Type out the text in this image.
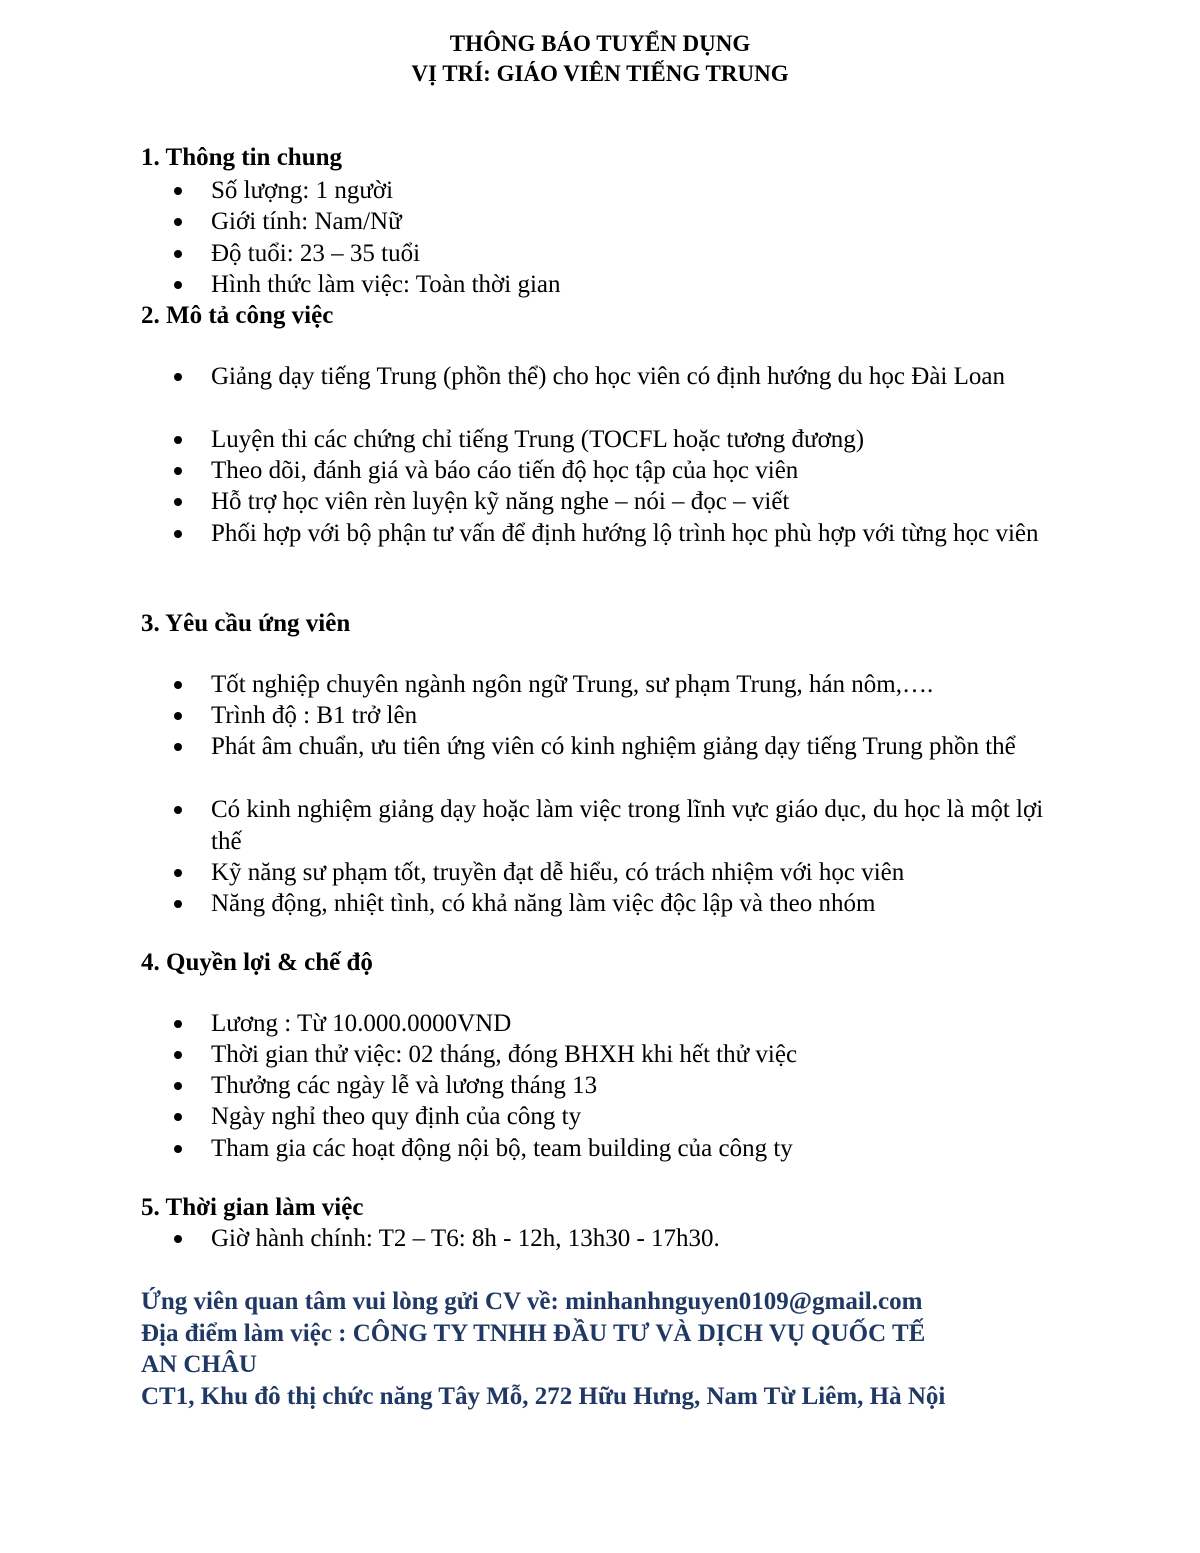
THÔNG BÁO TUYỂN DỤNG
VỊ TRÍ: GIÁO VIÊN TIẾNG TRUNG
1. Thông tin chung
Số lượng: 1 người
Giới tính: Nam/Nữ
Độ tuổi: 23 – 35 tuổi
Hình thức làm việc: Toàn thời gian
2. Mô tả công việc
Giảng dạy tiếng Trung (phồn thể) cho học viên có định hướng du học Đài Loan
Luyện thi các chứng chỉ tiếng Trung (TOCFL hoặc tương đương)
Theo dõi, đánh giá và báo cáo tiến độ học tập của học viên
Hỗ trợ học viên rèn luyện kỹ năng nghe – nói – đọc – viết
Phối hợp với bộ phận tư vấn để định hướng lộ trình học phù hợp với từng học viên
3. Yêu cầu ứng viên
Tốt nghiệp chuyên ngành ngôn ngữ Trung, sư phạm Trung, hán nôm,….
Trình độ : B1 trở lên
Phát âm chuẩn, ưu tiên ứng viên có kinh nghiệm giảng dạy tiếng Trung phồn thể
Có kinh nghiệm giảng dạy hoặc làm việc trong lĩnh vực giáo dục, du học là một lợi thế
Kỹ năng sư phạm tốt, truyền đạt dễ hiểu, có trách nhiệm với học viên
Năng động, nhiệt tình, có khả năng làm việc độc lập và theo nhóm
4. Quyền lợi & chế độ
Lương : Từ 10.000.0000VND
Thời gian thử việc: 02 tháng, đóng BHXH khi hết thử việc
Thưởng các ngày lễ và lương tháng 13
Ngày nghỉ theo quy định của công ty
Tham gia các hoạt động nội bộ, team building của công ty
5. Thời gian làm việc
Giờ hành chính: T2 – T6: 8h - 12h, 13h30 - 17h30.
Ứng viên quan tâm vui lòng gửi CV về: minhanhnguyen0109@gmail.com
Địa điểm làm việc : CÔNG TY TNHH ĐẦU TƯ VÀ DỊCH VỤ QUỐC TẾ
AN CHÂU
CT1, Khu đô thị chức năng Tây Mỗ, 272 Hữu Hưng, Nam Từ Liêm, Hà Nội
